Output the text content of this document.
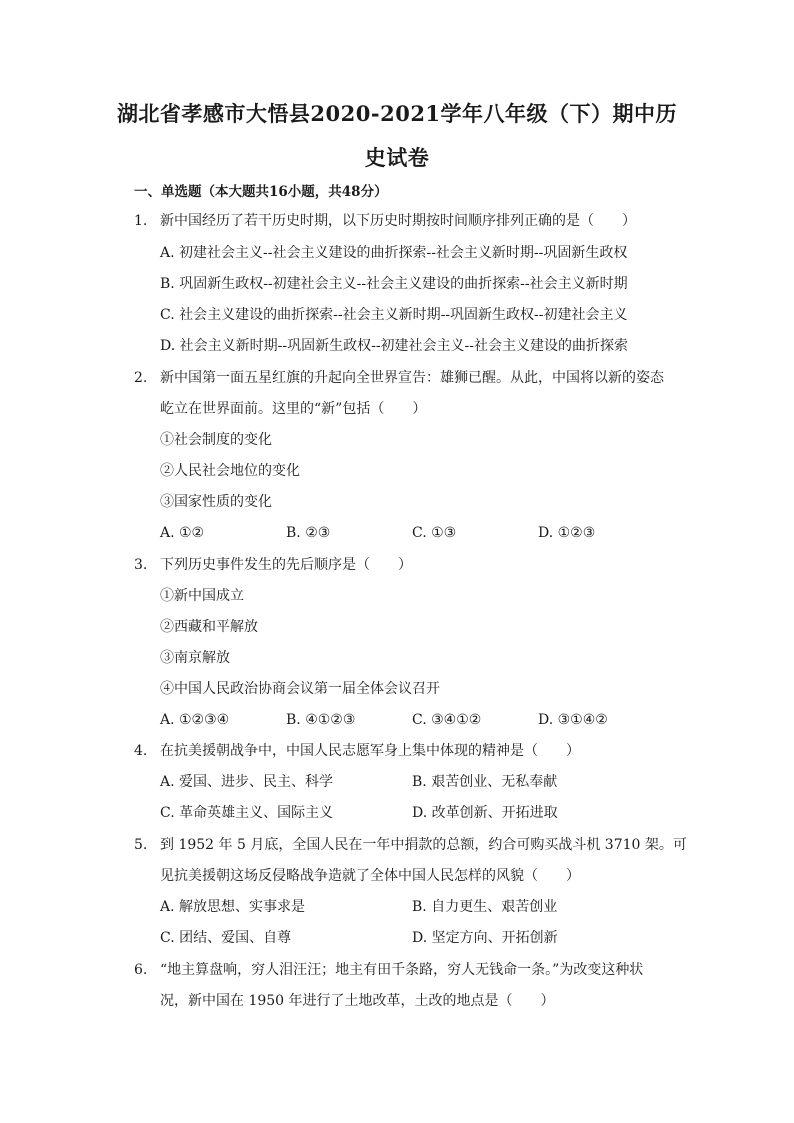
湖北省孝感市大悟县2020-2021学年八年级（下）期中历
史试卷
一、单选题（本大题共16小题，共48分）
1. 新中国经历了若干历史时期，以下历史时期按时间顺序排列正确的是（　　）
A. 初建社会主义--社会主义建设的曲折探索--社会主义新时期--巩固新生政权
B. 巩固新生政权--初建社会主义--社会主义建设的曲折探索--社会主义新时期
C. 社会主义建设的曲折探索--社会主义新时期--巩固新生政权--初建社会主义
D. 社会主义新时期--巩固新生政权--初建社会主义--社会主义建设的曲折探索
2. 新中国第一面五星红旗的升起向全世界宣告：雄狮已醒。从此，中国将以新的姿态
屹立在世界面前。这里的“新”包括（　　）
①社会制度的变化
②人民社会地位的变化
③国家性质的变化
A. ①②	B. ②③	C. ①③	D. ①②③
3. 下列历史事件发生的先后顺序是（　　）
①新中国成立
②西藏和平解放
③南京解放
④中国人民政治协商会议第一届全体会议召开
A. ①②③④	B. ④①②③	C. ③④①②	D. ③①④②
4. 在抗美援朝战争中，中国人民志愿军身上集中体现的精神是（　　）
A. 爱国、进步、民主、科学	B. 艰苦创业、无私奉献
C. 革命英雄主义、国际主义	D. 改革创新、开拓进取
5. 到 1952 年 5 月底，全国人民在一年中捐款的总额，约合可购买战斗机 3710 架。可
见抗美援朝这场反侵略战争造就了全体中国人民怎样的风貌（　　）
A. 解放思想、实事求是	B. 自力更生、艰苦创业
C. 团结、爱国、自尊	D. 坚定方向、开拓创新
6. “地主算盘响，穷人泪汪汪；地主有田千条路，穷人无钱命一条。”为改变这种状
况，新中国在 1950 年进行了土地改革，土改的地点是（　　）
